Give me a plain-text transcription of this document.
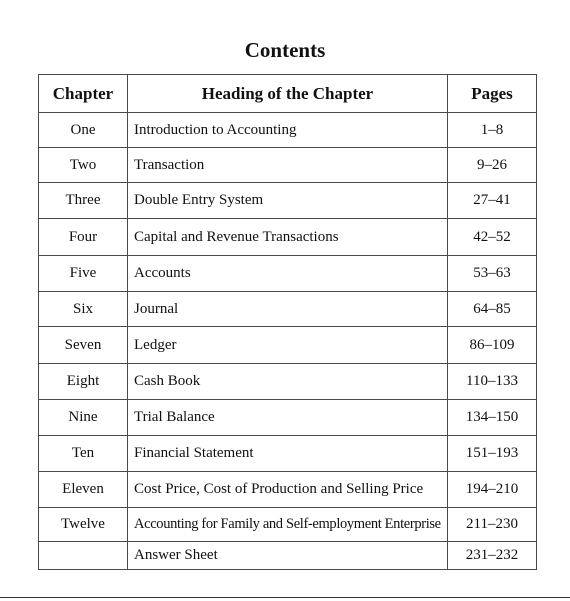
Contents
Chapter	Heading of the Chapter	Pages
One	Introduction to Accounting	1–8
Two	Transaction	9–26
Three	Double Entry System	27–41
Four	Capital and Revenue Transactions	42–52
Five	Accounts	53–63
Six	Journal	64–85
Seven	Ledger	86–109
Eight	Cash Book	110–133
Nine	Trial Balance	134–150
Ten	Financial Statement	151–193
Eleven	Cost Price, Cost of Production and Selling Price	194–210
Twelve	Accounting for Family and Self-employment Enterprise	211–230
	Answer Sheet	231–232
